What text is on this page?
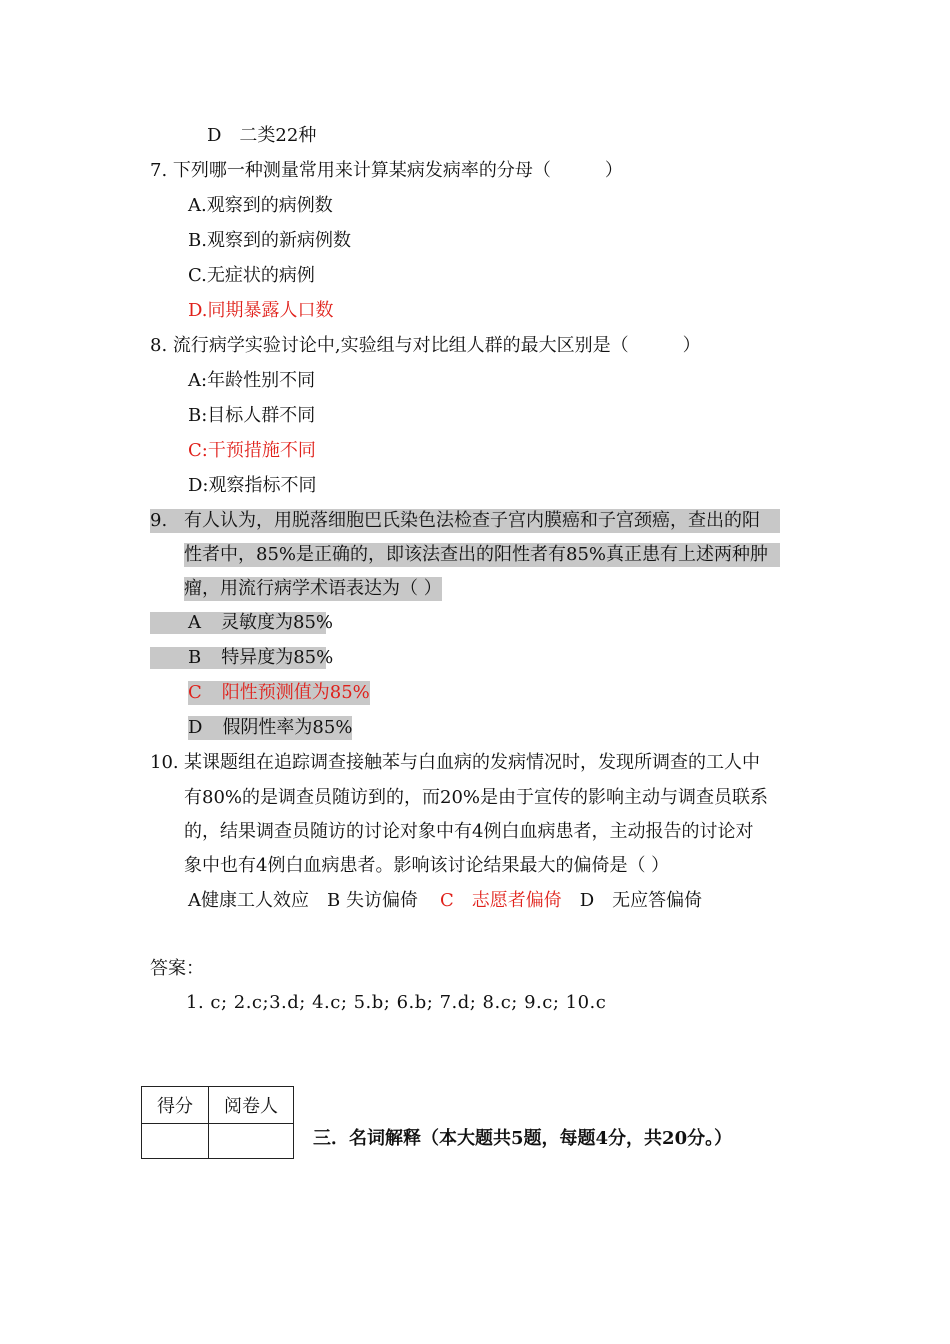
D　二类22种
7. 下列哪一种测量常用来计算某病发病率的分母（　　　）
A.观察到的病例数
B.观察到的新病例数
C.无症状的病例
D.同期暴露人口数
8. 流行病学实验讨论中,实验组与对比组人群的最大区别是（　　　）
A:年龄性别不同
B:目标人群不同
C:干预措施不同
D:观察指标不同
9. 有人认为，用脱落细胞巴氏染色法检查子宫内膜癌和子宫颈癌，查出的阳
性者中，85%是正确的，即该法查出的阳性者有85%真正患有上述两种肿
瘤，用流行病学术语表达为（ ）
A 灵敏度为85%
B 特异度为85%
C 阳性预测值为85%
D 假阴性率为85%
10. 某课题组在追踪调查接触苯与白血病的发病情况时，发现所调查的工人中
有80%的是调查员随访到的，而20%是由于宣传的影响主动与调查员联系
的，结果调查员随访的讨论对象中有4例白血病患者，主动报告的讨论对
象中也有4例白血病患者。影响该讨论结果最大的偏倚是（ ）
A健康工人效应 B 失访偏倚 C　志愿者偏倚 D　无应答偏倚
答案：
1. c; 2.c;3.d; 4.c; 5.b; 6.b; 7.d; 8.c; 9.c; 10.c
得分	阅卷人

三．名词解释（本大题共5题，每题4分，共20分。）
